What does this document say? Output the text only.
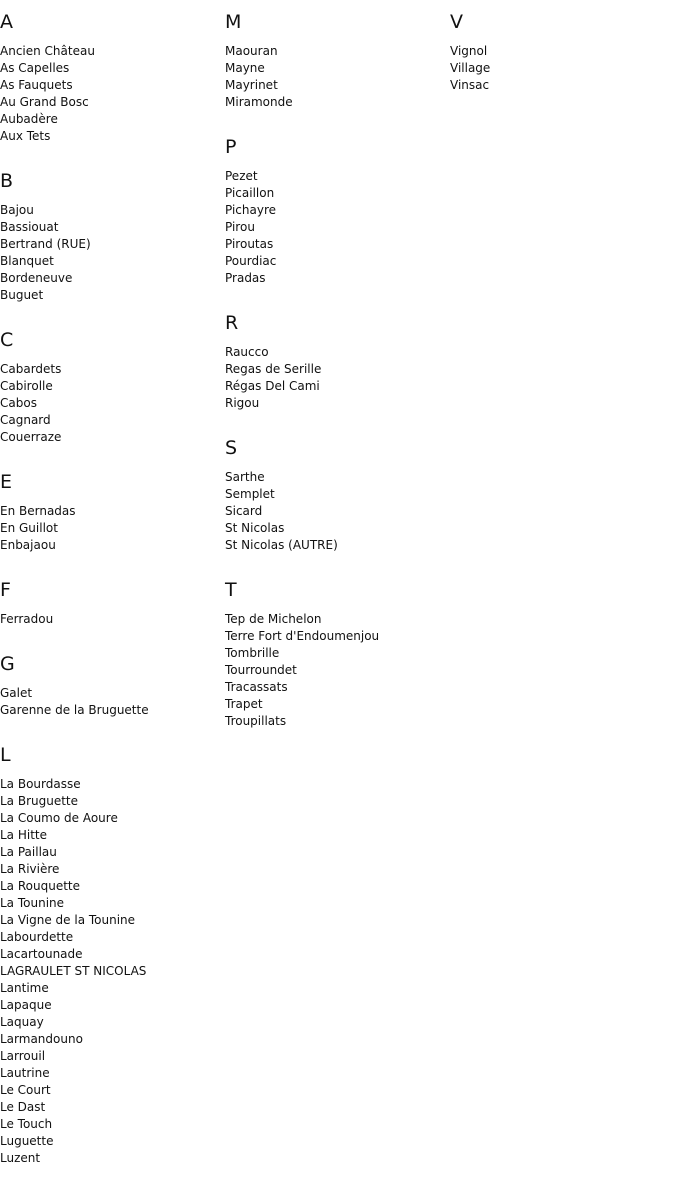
A
Ancien Château
As Capelles
As Fauquets
Au Grand Bosc
Aubadère
Aux Tets
B
Bajou
Bassiouat
Bertrand (RUE)
Blanquet
Bordeneuve
Buguet
C
Cabardets
Cabirolle
Cabos
Cagnard
Couerraze
E
En Bernadas
En Guillot
Enbajaou
F
Ferradou
G
Galet
Garenne de la Bruguette
L
La Bourdasse
La Bruguette
La Coumo de Aoure
La Hitte
La Paillau
La Rivière
La Rouquette
La Tounine
La Vigne de la Tounine
Labourdette
Lacartounade
LAGRAULET ST NICOLAS
Lantime
Lapaque
Laquay
Larmandouno
Larrouil
Lautrine
Le Court
Le Dast
Le Touch
Luguette
Luzent
M
Maouran
Mayne
Mayrinet
Miramonde
P
Pezet
Picaillon
Pichayre
Pirou
Piroutas
Pourdiac
Pradas
R
Raucco
Regas de Serille
Régas Del Cami
Rigou
S
Sarthe
Semplet
Sicard
St Nicolas
St Nicolas (AUTRE)
T
Tep de Michelon
Terre Fort d'Endoumenjou
Tombrille
Tourroundet
Tracassats
Trapet
Troupillats
V
Vignol
Village
Vinsac
